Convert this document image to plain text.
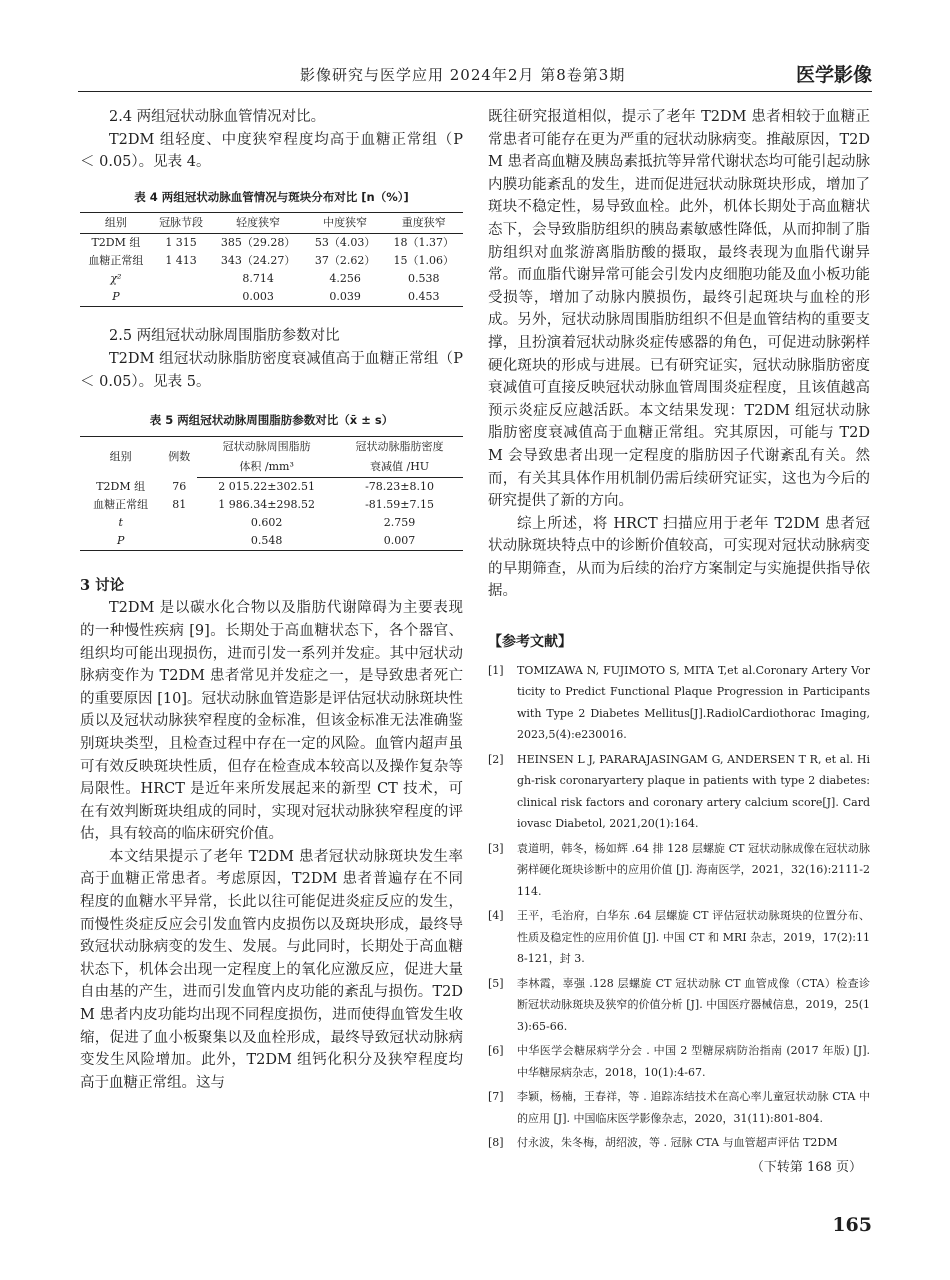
影像研究与医学应用 2024年2月 第8卷第3期	医学影像
2.4 两组冠状动脉血管情况对比。

T2DM 组轻度、中度狭窄程度均高于血糖正常组（P ＜ 0.05）。见表 4。

表 4 两组冠状动脉血管情况与斑块分布对比 [n（%）]
组别	冠脉节段	轻度狭窄	中度狭窄	重度狭窄
T2DM 组	1 315	385（29.28）	53（4.03）	18（1.37）
血糖正常组	1 413	343（24.27）	37（2.62）	15（1.06）
χ²		8.714	4.256	0.538
P		0.003	0.039	0.453
2.5 两组冠状动脉周围脂肪参数对比

T2DM 组冠状动脉脂肪密度衰减值高于血糖正常组（P ＜ 0.05）。见表 5。

表 5 两组冠状动脉周围脂肪参数对比（x̄ ± s）
组别	例数	冠状动脉周围脂肪	冠状动脉脂肪密度
		体积 /mm³	衰减值 /HU
T2DM 组	76	2 015.22±302.51	-78.23±8.10
血糖正常组	81	1 986.34±298.52	-81.59±7.15
t		0.602	2.759
P		0.548	0.007
3 讨论

T2DM 是以碳水化合物以及脂肪代谢障碍为主要表现的一种慢性疾病 [9]。长期处于高血糖状态下，各个器官、组织均可能出现损伤，进而引发一系列并发症。其中冠状动脉病变作为 T2DM 患者常见并发症之一，是导致患者死亡的重要原因 [10]。冠状动脉血管造影是评估冠状动脉斑块性质以及冠状动脉狭窄程度的金标准，但该金标准无法准确鉴别斑块类型，且检查过程中存在一定的风险。血管内超声虽可有效反映斑块性质，但存在检查成本较高以及操作复杂等局限性。HRCT 是近年来所发展起来的新型 CT 技术，可在有效判断斑块组成的同时，实现对冠状动脉狭窄程度的评估，具有较高的临床研究价值。

本文结果提示了老年 T2DM 患者冠状动脉斑块发生率高于血糖正常患者。考虑原因，T2DM 患者普遍存在不同程度的血糖水平异常，长此以往可能促进炎症反应的发生，而慢性炎症反应会引发血管内皮损伤以及斑块形成，最终导致冠状动脉病变的发生、发展。与此同时，长期处于高血糖状态下，机体会出现一定程度上的氧化应激反应，促进大量自由基的产生，进而引发血管内皮功能的紊乱与损伤。T2DM 患者内皮功能均出现不同程度损伤，进而使得血管发生收缩，促进了血小板聚集以及血栓形成，最终导致冠状动脉病变发生风险增加。此外，T2DM 组钙化积分及狭窄程度均高于血糖正常组。这与

既往研究报道相似，提示了老年 T2DM 患者相较于血糖正常患者可能存在更为严重的冠状动脉病变。推敲原因，T2DM 患者高血糖及胰岛素抵抗等异常代谢状态均可能引起动脉内膜功能紊乱的发生，进而促进冠状动脉斑块形成，增加了斑块不稳定性，易导致血栓。此外，机体长期处于高血糖状态下，会导致脂肪组织的胰岛素敏感性降低，从而抑制了脂肪组织对血浆游离脂肪酸的摄取，最终表现为血脂代谢异常。而血脂代谢异常可能会引发内皮细胞功能及血小板功能受损等，增加了动脉内膜损伤，最终引起斑块与血栓的形成。另外，冠状动脉周围脂肪组织不但是血管结构的重要支撑，且扮演着冠状动脉炎症传感器的角色，可促进动脉粥样硬化斑块的形成与进展。已有研究证实，冠状动脉脂肪密度衰减值可直接反映冠状动脉血管周围炎症程度，且该值越高预示炎症反应越活跃。本文结果发现：T2DM 组冠状动脉脂肪密度衰减值高于血糖正常组。究其原因，可能与 T2DM 会导致患者出现一定程度的脂肪因子代谢紊乱有关。然而，有关其具体作用机制仍需后续研究证实，这也为今后的研究提供了新的方向。

综上所述，将 HRCT 扫描应用于老年 T2DM 患者冠状动脉斑块特点中的诊断价值较高，可实现对冠状动脉病变的早期筛查，从而为后续的治疗方案制定与实施提供指导依据。

【参考文献】
[1] TOMIZAWA N, FUJIMOTO S, MITA T,et al.Coronary Artery Vorticity to Predict Functional Plaque Progression in Participants with Type 2 Diabetes Mellitus[J].RadiolCardiothorac Imaging, 2023,5(4):e230016.
[2] HEINSEN L J, PARARAJASINGAM G, ANDERSEN T R, et al. High-risk coronaryartery plaque in patients with type 2 diabetes: clinical risk factors and coronary artery calcium score[J]. Cardiovasc Diabetol, 2021,20(1):164.
[3] 袁道明，韩冬，杨如辉 .64 排 128 层螺旋 CT 冠状动脉成像在冠状动脉粥样硬化斑块诊断中的应用价值 [J]. 海南医学，2021，32(16):2111-2114.
[4] 王平，毛治府，白华东 .64 层螺旋 CT 评估冠状动脉斑块的位置分布、性质及稳定性的应用价值 [J]. 中国 CT 和 MRI 杂志，2019，17(2):118-121，封 3.
[5] 李林霞，辜强 .128 层螺旋 CT 冠状动脉 CT 血管成像（CTA）检查诊断冠状动脉斑块及狭窄的价值分析 [J]. 中国医疗器械信息，2019，25(13):65-66.
[6] 中华医学会糖尿病学分会 . 中国 2 型糖尿病防治指南 (2017 年版) [J]. 中华糖尿病杂志，2018，10(1):4-67.
[7] 李颖，杨楠，王春祥，等 . 追踪冻结技术在高心率儿童冠状动脉 CTA 中的应用 [J]. 中国临床医学影像杂志，2020，31(11):801-804.
[8] 付永波，朱冬梅，胡绍波，等 . 冠脉 CTA 与血管超声评估 T2DM
（下转第 168 页）
165
